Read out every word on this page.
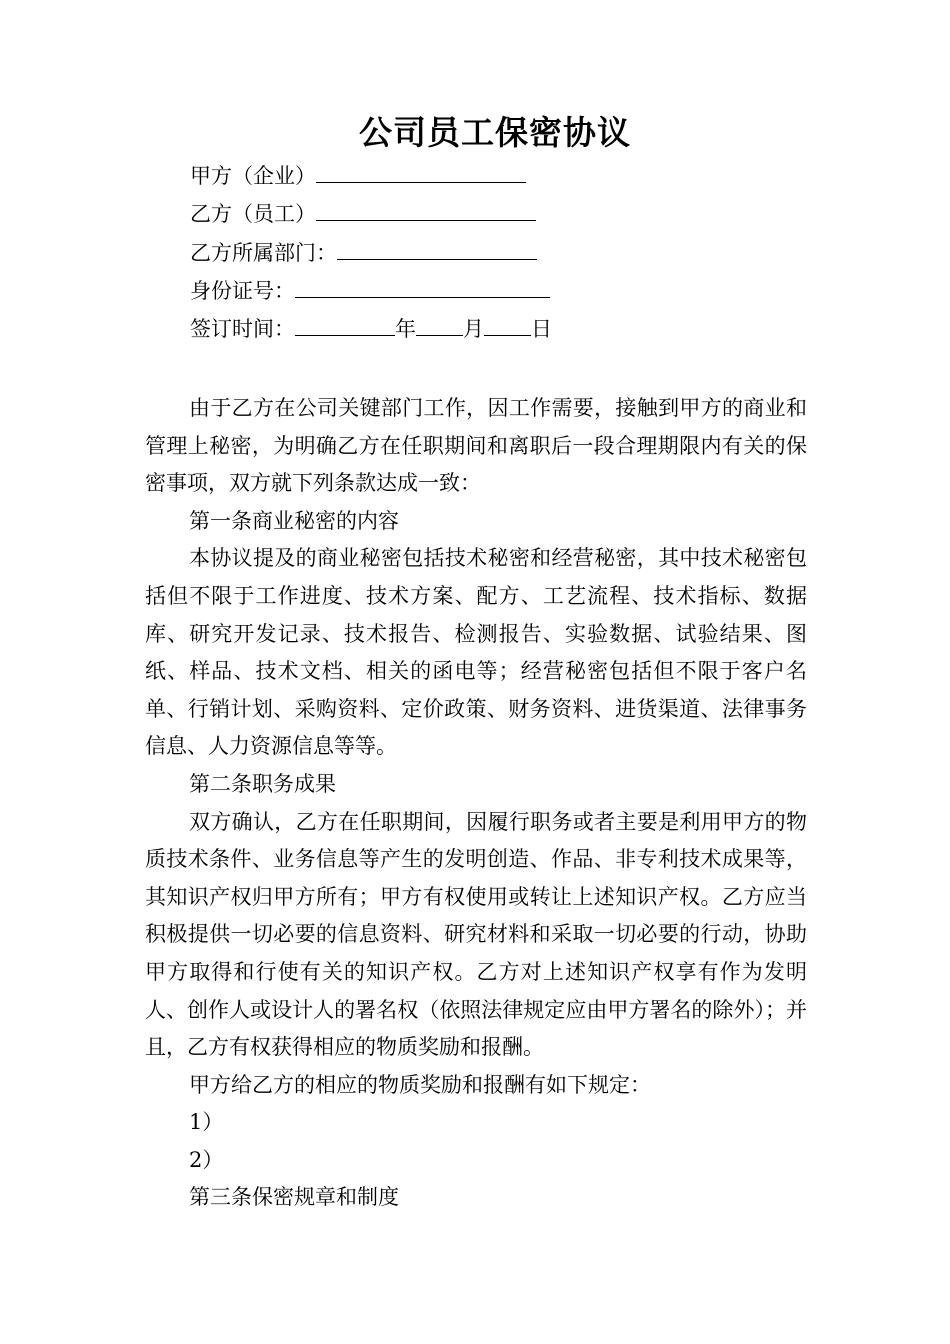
公司员工保密协议
甲方（企业）
乙方（员工）
乙方所属部门：
身份证号：
签订时间：	年 月 日

由于乙方在公司关键部门工作，因工作需要，接触到甲方的商业和管理上秘密，为明确乙方在任职期间和离职后一段合理期限内有关的保密事项，双方就下列条款达成一致：

第一条商业秘密的内容

本协议提及的商业秘密包括技术秘密和经营秘密，其中技术秘密包括但不限于工作进度、技术方案、配方、工艺流程、技术指标、数据库、研究开发记录、技术报告、检测报告、实验数据、试验结果、图纸、样品、技术文档、相关的函电等；经营秘密包括但不限于客户名单、行销计划、采购资料、定价政策、财务资料、进货渠道、法律事务信息、人力资源信息等等。

第二条职务成果

双方确认，乙方在任职期间，因履行职务或者主要是利用甲方的物质技术条件、业务信息等产生的发明创造、作品、非专利技术成果等，其知识产权归甲方所有；甲方有权使用或转让上述知识产权。乙方应当积极提供一切必要的信息资料、研究材料和采取一切必要的行动，协助甲方取得和行使有关的知识产权。乙方对上述知识产权享有作为发明人、创作人或设计人的署名权（依照法律规定应由甲方署名的除外）；并且，乙方有权获得相应的物质奖励和报酬。

甲方给乙方的相应的物质奖励和报酬有如下规定：

1）

2）

第三条保密规章和制度
